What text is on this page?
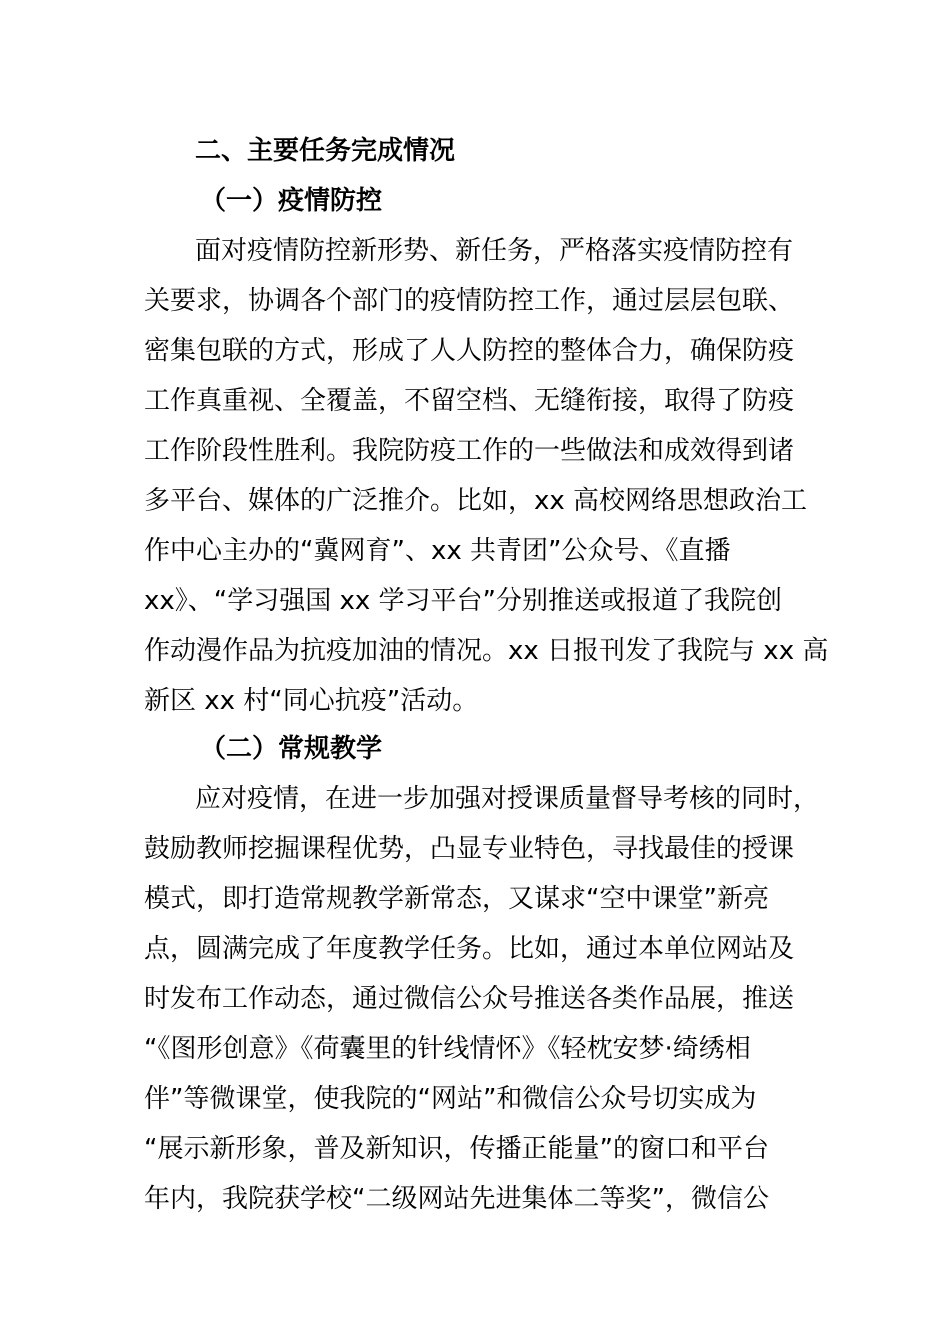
二、主要任务完成情况
（一）疫情防控
面对疫情防控新形势、新任务，严格落实疫情防控有
关要求，协调各个部门的疫情防控工作，通过层层包联、
密集包联的方式，形成了人人防控的整体合力，确保防疫
工作真重视、全覆盖，不留空档、无缝衔接，取得了防疫
工作阶段性胜利。我院防疫工作的一些做法和成效得到诸
多平台、媒体的广泛推介。比如，xx 高校网络思想政治工
作中心主办的“冀网育”、xx 共青团”公众号、《直播
xx》、“学习强国 xx 学习平台”分别推送或报道了我院创
作动漫作品为抗疫加油的情况。xx 日报刊发了我院与 xx 高
新区 xx 村“同心抗疫”活动。
（二）常规教学
应对疫情，在进一步加强对授课质量督导考核的同时，
鼓励教师挖掘课程优势，凸显专业特色，寻找最佳的授课
模式，即打造常规教学新常态，又谋求“空中课堂”新亮
点，圆满完成了年度教学任务。比如，通过本单位网站及
时发布工作动态，通过微信公众号推送各类作品展，推送
“《图形创意》《荷囊里的针线情怀》《轻枕安梦·绮绣相
伴”等微课堂，使我院的“网站”和微信公众号切实成为
“展示新形象，普及新知识，传播正能量”的窗口和平台
年内，我院获学校“二级网站先进集体二等奖”，微信公
